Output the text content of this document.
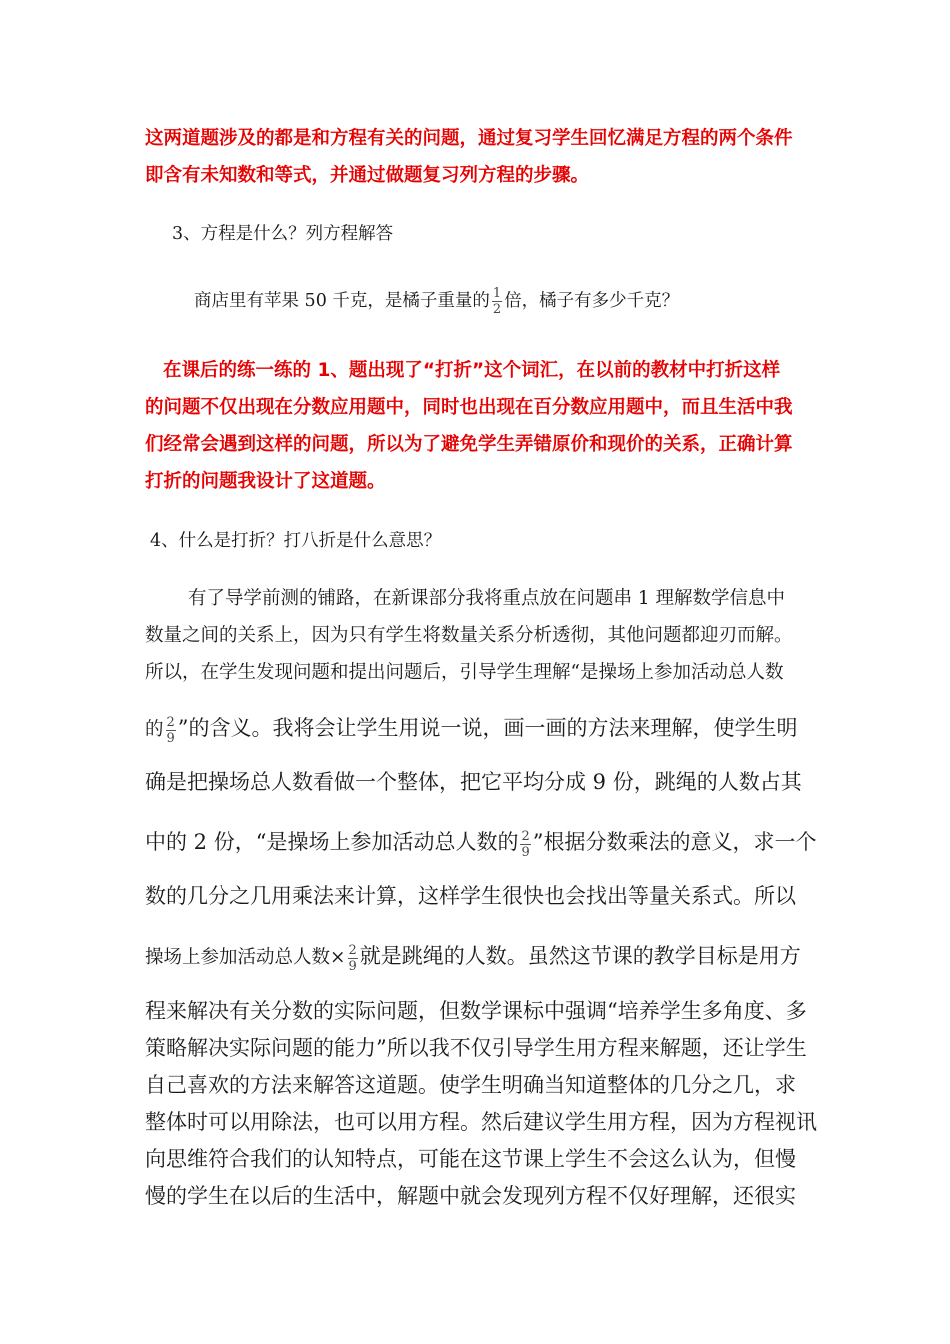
这两道题涉及的都是和方程有关的问题，通过复习学生回忆满足方程的两个条件

即含有未知数和等式，并通过做题复习列方程的步骤。

3、方程是什么？列方程解答

商店里有苹果 50 千克，是橘子重量的 $\frac{1}{2}$ 倍，橘子有多少千克？

在课后的练一练的 1、题出现了“打折”这个词汇，在以前的教材中打折这样

的问题不仅出现在分数应用题中，同时也出现在百分数应用题中，而且生活中我

们经常会遇到这样的问题，所以为了避免学生弄错原价和现价的关系，正确计算

打折的问题我设计了这道题。

4、什么是打折？打八折是什么意思？

有了导学前测的铺路，在新课部分我将重点放在问题串 1 理解数学信息中

数量之间的关系上，因为只有学生将数量关系分析透彻，其他问题都迎刃而解。

所以，在学生发现问题和提出问题后，引导学生理解“是操场上参加活动总人数

的 $\frac{2}{9}$ ”的含义。我将会让学生用说一说，画一画的方法来理解，使学生明

确是把操场总人数看做一个整体，把它平均分成 9 份，跳绳的人数占其

中的 2 份，“是操场上参加活动总人数的 $\frac{2}{9}$ ”根据分数乘法的意义，求一个

数的几分之几用乘法来计算，这样学生很快也会找出等量关系式。所以

操场上参加活动总人数× $\frac{2}{9}$ 就是跳绳的人数。虽然这节课的教学目标是用方

程来解决有关分数的实际问题，但数学课标中强调“培养学生多角度、多

策略解决实际问题的能力”所以我不仅引导学生用方程来解题，还让学生

自己喜欢的方法来解答这道题。使学生明确当知道整体的几分之几，求

整体时可以用除法，也可以用方程。然后建议学生用方程，因为方程视讯

向思维符合我们的认知特点，可能在这节课上学生不会这么认为，但慢

慢的学生在以后的生活中，解题中就会发现列方程不仅好理解，还很实
